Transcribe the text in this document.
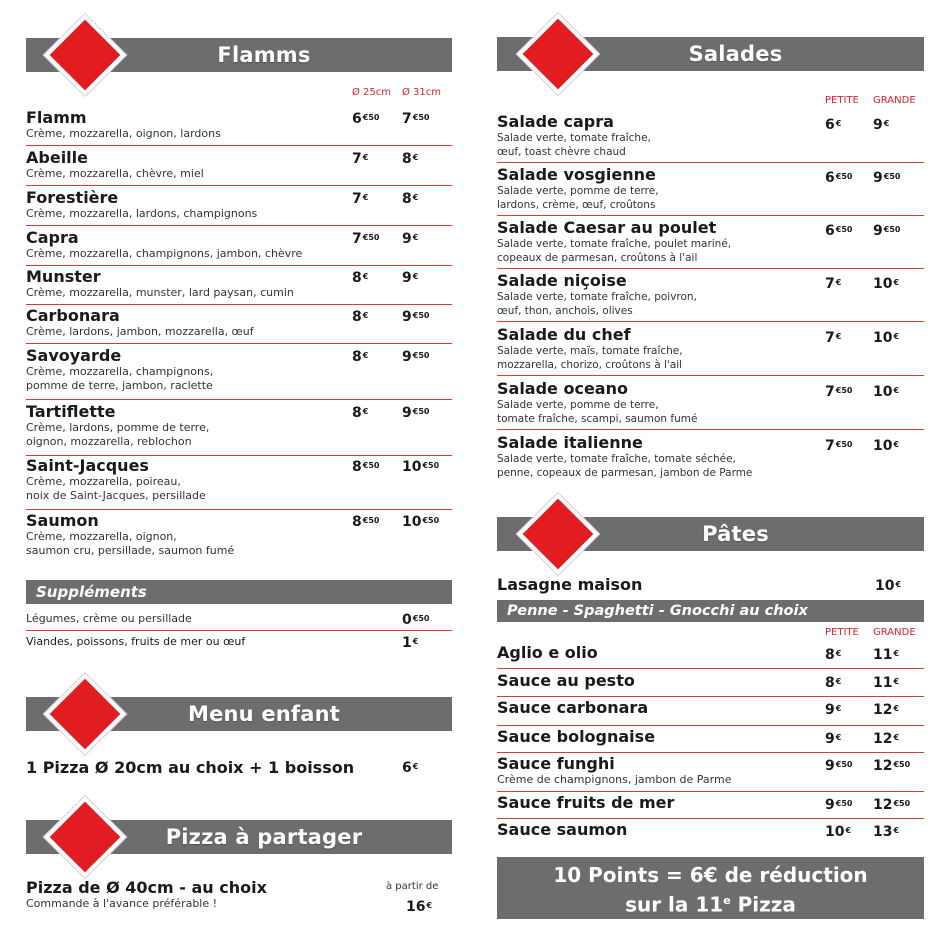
Flamms
Ø 25cm Ø 31cm
Flamm
Crème, mozzarella, oignon, lardons
$6^{€50}$ $7^{€50}$
Abeille
Crème, mozzarella, chèvre, miel
7€ 8€
Forestière
Crème, mozzarella, lardons, champignons
7€ 8€
Capra
Crème, mozzarella, champignons, jambon, chèvre
$7^{€50}$ 9€
Munster
Crème, mozzarella, munster, lard paysan, cumin
8€ 9€
Carbonara
Crème, lardons, jambon, mozzarella, œuf
8€ $9^{€50}$
Savoyarde
Crème, mozzarella, champignons,
pomme de terre, jambon, raclette
8€ $9^{€50}$
Tartiflette
Crème, lardons, pomme de terre,
oignon, mozzarella, reblochon
8€ $9^{€50}$
Saint-Jacques
Crème, mozzarella, poireau,
noix de Saint-Jacques, persillade
$8^{€50}$ $10^{€50}$
Saumon
Crème, mozzarella, oignon,
saumon cru, persillade, saumon fumé
$8^{€50}$ $10^{€50}$
Suppléments
Légumes, crème ou persillade	$0^{€50}$
Viandes, poissons, fruits de mer ou œuf	1€
Menu enfant
1 Pizza Ø 20cm au choix + 1 boisson	6€
Pizza à partager
Pizza de Ø 40cm - au choix
Commande à l'avance préférable !
à partir de
16€
Salades
PETITE GRANDE
Salade capra
Salade verte, tomate fraîche,
œuf, toast chèvre chaud
6€ 9€
Salade vosgienne
Salade verte, pomme de terre,
lardons, crème, œuf, croûtons
$6^{€50}$ $9^{€50}$
Salade Caesar au poulet
Salade verte, tomate fraîche, poulet mariné,
copeaux de parmesan, croûtons à l'ail
$6^{€50}$ $9^{€50}$
Salade niçoise
Salade verte, tomate fraîche, poivron,
œuf, thon, anchois, olives
7€ 10€
Salade du chef
Salade verte, maïs, tomate fraîche,
mozzarella, chorizo, croûtons à l'ail
7€ 10€
Salade oceano
Salade verte, pomme de terre,
tomate fraîche, scampi, saumon fumé
$7^{€50}$ 10€
Salade italienne
Salade verte, tomate fraîche, tomate séchée,
penne, copeaux de parmesan, jambon de Parme
$7^{€50}$ 10€
Pâtes
Lasagne maison	10€
Penne - Spaghetti - Gnocchi au choix
PETITE GRANDE
Aglio e olio	8€ 11€
Sauce au pesto	8€ 11€
Sauce carbonara	9€ 12€
Sauce bolognaise	9€ 12€
Sauce funghi
Crème de champignons, jambon de Parme
$9^{€50}$ $12^{€50}$
Sauce fruits de mer	$9^{€50}$ $12^{€50}$
Sauce saumon	10€ 13€
10 Points = 6€ de réduction
sur la 11e Pizza
